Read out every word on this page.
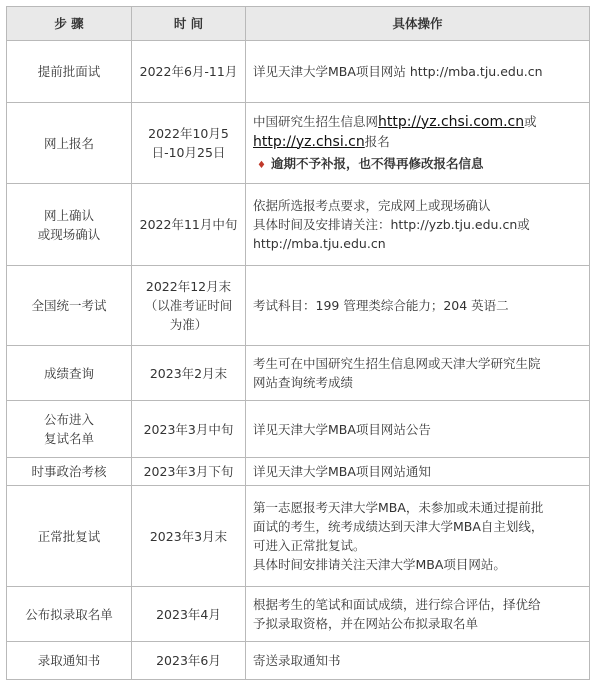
步 骤	时 间	具体操作

提前批面试	2022年6月-11月	详见天津大学MBA项目网站 http://mba.tju.edu.cn

网上报名	2022年10月5
日-10月25日	中国研究生招生信息网http://yz.chsi.com.cn或
http://yz.chsi.cn报名
♦ 逾期不予补报，也不得再修改报名信息

网上确认
或现场确认	2022年11月中旬	依据所选报考点要求，完成网上或现场确认
具体时间及安排请关注：http://yzb.tju.edu.cn或
http://mba.tju.edu.cn

全国统一考试	2022年12月末
（以准考证时间
为准）	考试科目：199 管理类综合能力；204 英语二

成绩查询	2023年2月末	考生可在中国研究生招生信息网或天津大学研究生院
网站查询统考成绩

公布进入
复试名单	2023年3月中旬	详见天津大学MBA项目网站公告

时事政治考核	2023年3月下旬	详见天津大学MBA项目网站通知

正常批复试	2023年3月末	第一志愿报考天津大学MBA，未参加或未通过提前批
面试的考生，统考成绩达到天津大学MBA自主划线，
可进入正常批复试。
具体时间安排请关注天津大学MBA项目网站。

公布拟录取名单	2023年4月	根据考生的笔试和面试成绩，进行综合评估，择优给
予拟录取资格，并在网站公布拟录取名单

录取通知书	2023年6月	寄送录取通知书
